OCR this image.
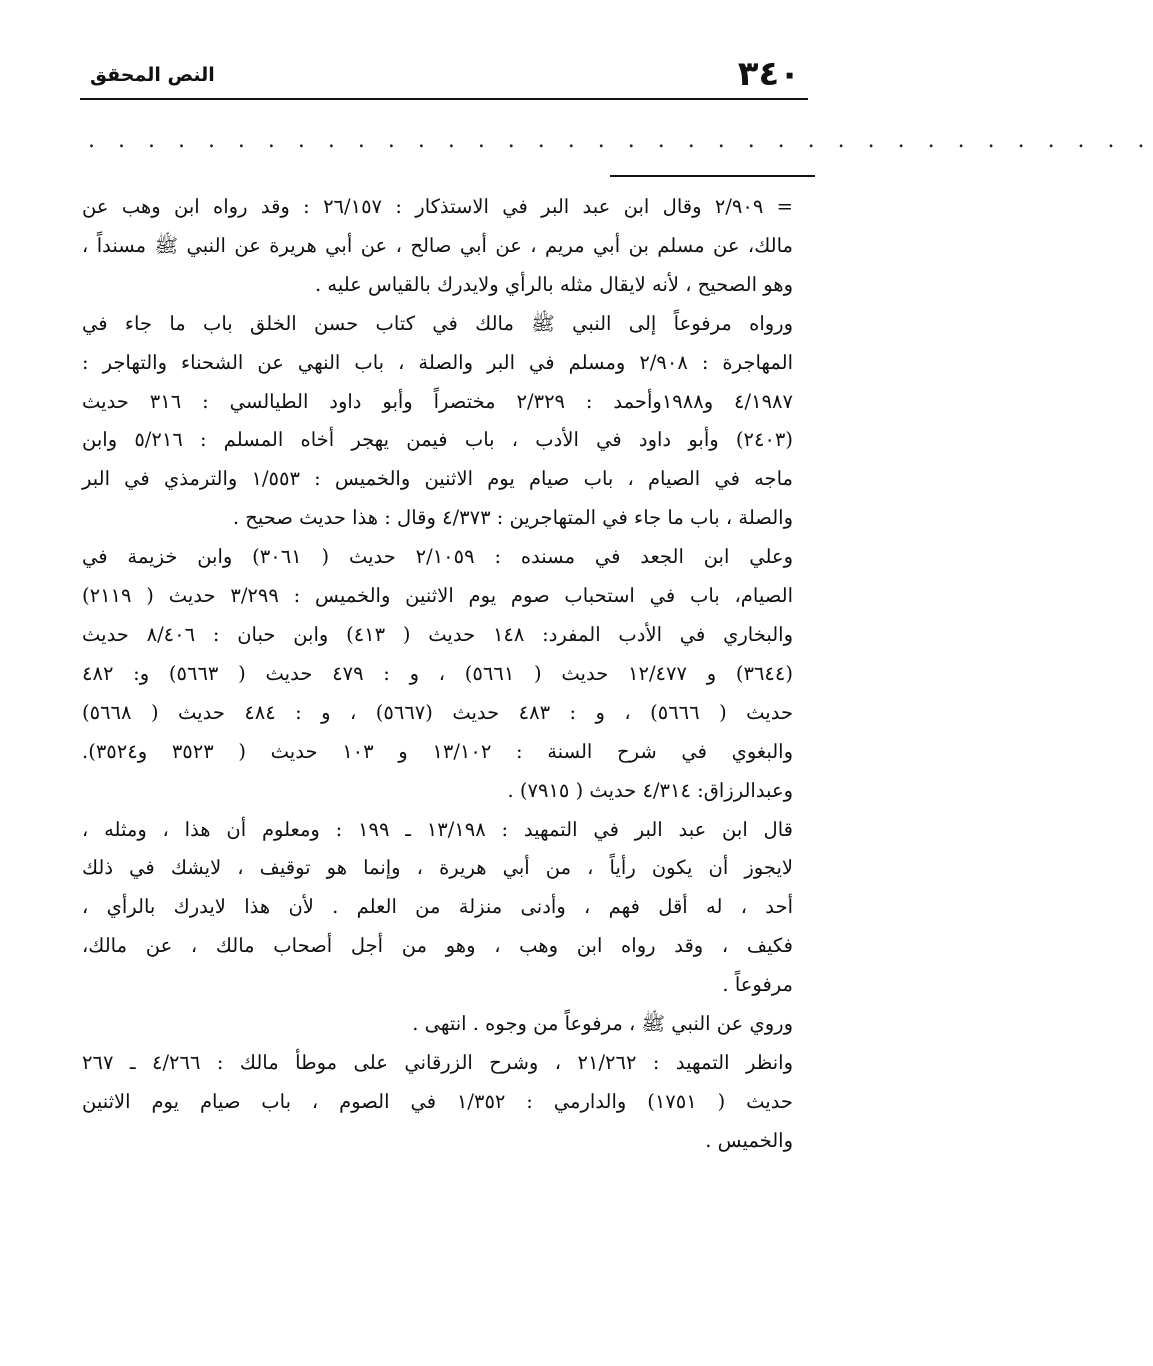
٣٤٠
النص المحقق
. . . . . . . . . . . . . . . . . . . . . . . . . . . . . . . . . . . .

= ٢/٩٠٩ وقال ابن عبد البر في الاستذكار : ٢٦/١٥٧ : وقد رواه ابن وهب عن
مالك، عن مسلم بن أبي مريم ، عن أبي صالح ، عن أبي هريرة عن النبي ﷺ مسنداً ،
وهو الصحيح ، لأنه لايقال مثله بالرأي ولايدرك بالقياس عليه .

ورواه مرفوعاً إلى النبي ﷺ مالك في كتاب حسن الخلق باب ما جاء في
المهاجرة : ٢/٩٠٨ ومسلم في البر والصلة ، باب النهي عن الشحناء والتهاجر :
٤/١٩٨٧ و١٩٨٨وأحمد : ٢/٣٢٩ مختصراً وأبو داود الطيالسي : ٣١٦ حديث
(٢٤٠٣) وأبو داود في الأدب ، باب فيمن يهجر أخاه المسلم : ٥/٢١٦ وابن
ماجه في الصيام ، باب صيام يوم الاثنين والخميس : ١/٥٥٣ والترمذي في البر
والصلة ، باب ما جاء في المتهاجرين : ٤/٣٧٣ وقال : هذا حديث صحيح .

وعلي ابن الجعد في مسنده : ٢/١٠٥٩ حديث ( ٣٠٦١) وابن خزيمة في
الصيام، باب في استحباب صوم يوم الاثنين والخميس : ٣/٢٩٩ حديث ( ٢١١٩)
والبخاري في الأدب المفرد: ١٤٨ حديث ( ٤١٣) وابن حبان : ٨/٤٠٦ حديث
(٣٦٤٤) و ١٢/٤٧٧ حديث ( ٥٦٦١) ، و : ٤٧٩ حديث ( ٥٦٦٣) و: ٤٨٢
حديث ( ٥٦٦٦) ، و : ٤٨٣ حديث (٥٦٦٧) ، و : ٤٨٤ حديث ( ٥٦٦٨)
والبغوي في شرح السنة : ١٣/١٠٢ و ١٠٣ حديث ( ٣٥٢٣ و٣٥٢٤).
وعبدالرزاق: ٤/٣١٤ حديث ( ٧٩١٥) .

قال ابن عبد البر في التمهيد : ١٣/١٩٨ ـ ١٩٩ : ومعلوم أن هذا ، ومثله ،
لايجوز أن يكون رأياً ، من أبي هريرة ، وإنما هو توقيف ، لايشك في ذلك
أحد ، له أقل فهم ، وأدنى منزلة من العلم . لأن هذا لايدرك بالرأي ،
فكيف ، وقد رواه ابن وهب ، وهو من أجل أصحاب مالك ، عن مالك،
مرفوعاً .

وروي عن النبي ﷺ ، مرفوعاً من وجوه . انتهى .

وانظر التمهيد : ٢١/٢٦٢ ، وشرح الزرقاني على موطأ مالك : ٤/٢٦٦ ـ ٢٦٧
حديث ( ١٧٥١) والدارمي : ١/٣٥٢ في الصوم ، باب صيام يوم الاثنين
والخميس .
